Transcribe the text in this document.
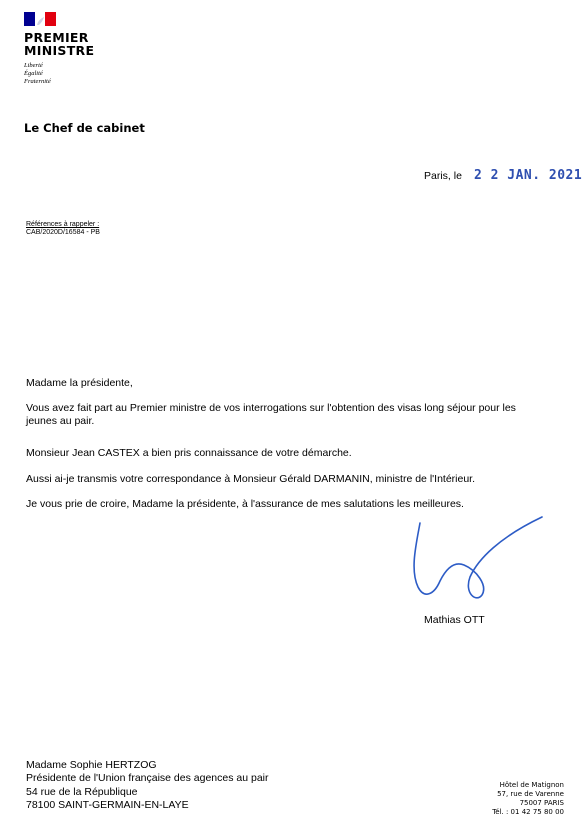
PREMIER
MINISTRE
Liberté
Égalité
Fraternité
Le Chef de cabinet
Paris, le 2 2 JAN. 2021
Références à rappeler :
CAB/2020D/16584 - PB
Madame la présidente,
Vous avez fait part au Premier ministre de vos interrogations sur l'obtention des visas long séjour pour les jeunes au pair.
Monsieur Jean CASTEX a bien pris connaissance de votre démarche.
Aussi ai-je transmis votre correspondance à Monsieur Gérald DARMANIN, ministre de l'Intérieur.
Je vous prie de croire, Madame la présidente, à l'assurance de mes salutations les meilleures.
Mathias OTT
Madame Sophie HERTZOG
Présidente de l'Union française des agences au pair
54 rue de la République
78100 SAINT-GERMAIN-EN-LAYE
Hôtel de Matignon
57, rue de Varenne
75007 PARIS
Tél. : 01 42 75 80 00
